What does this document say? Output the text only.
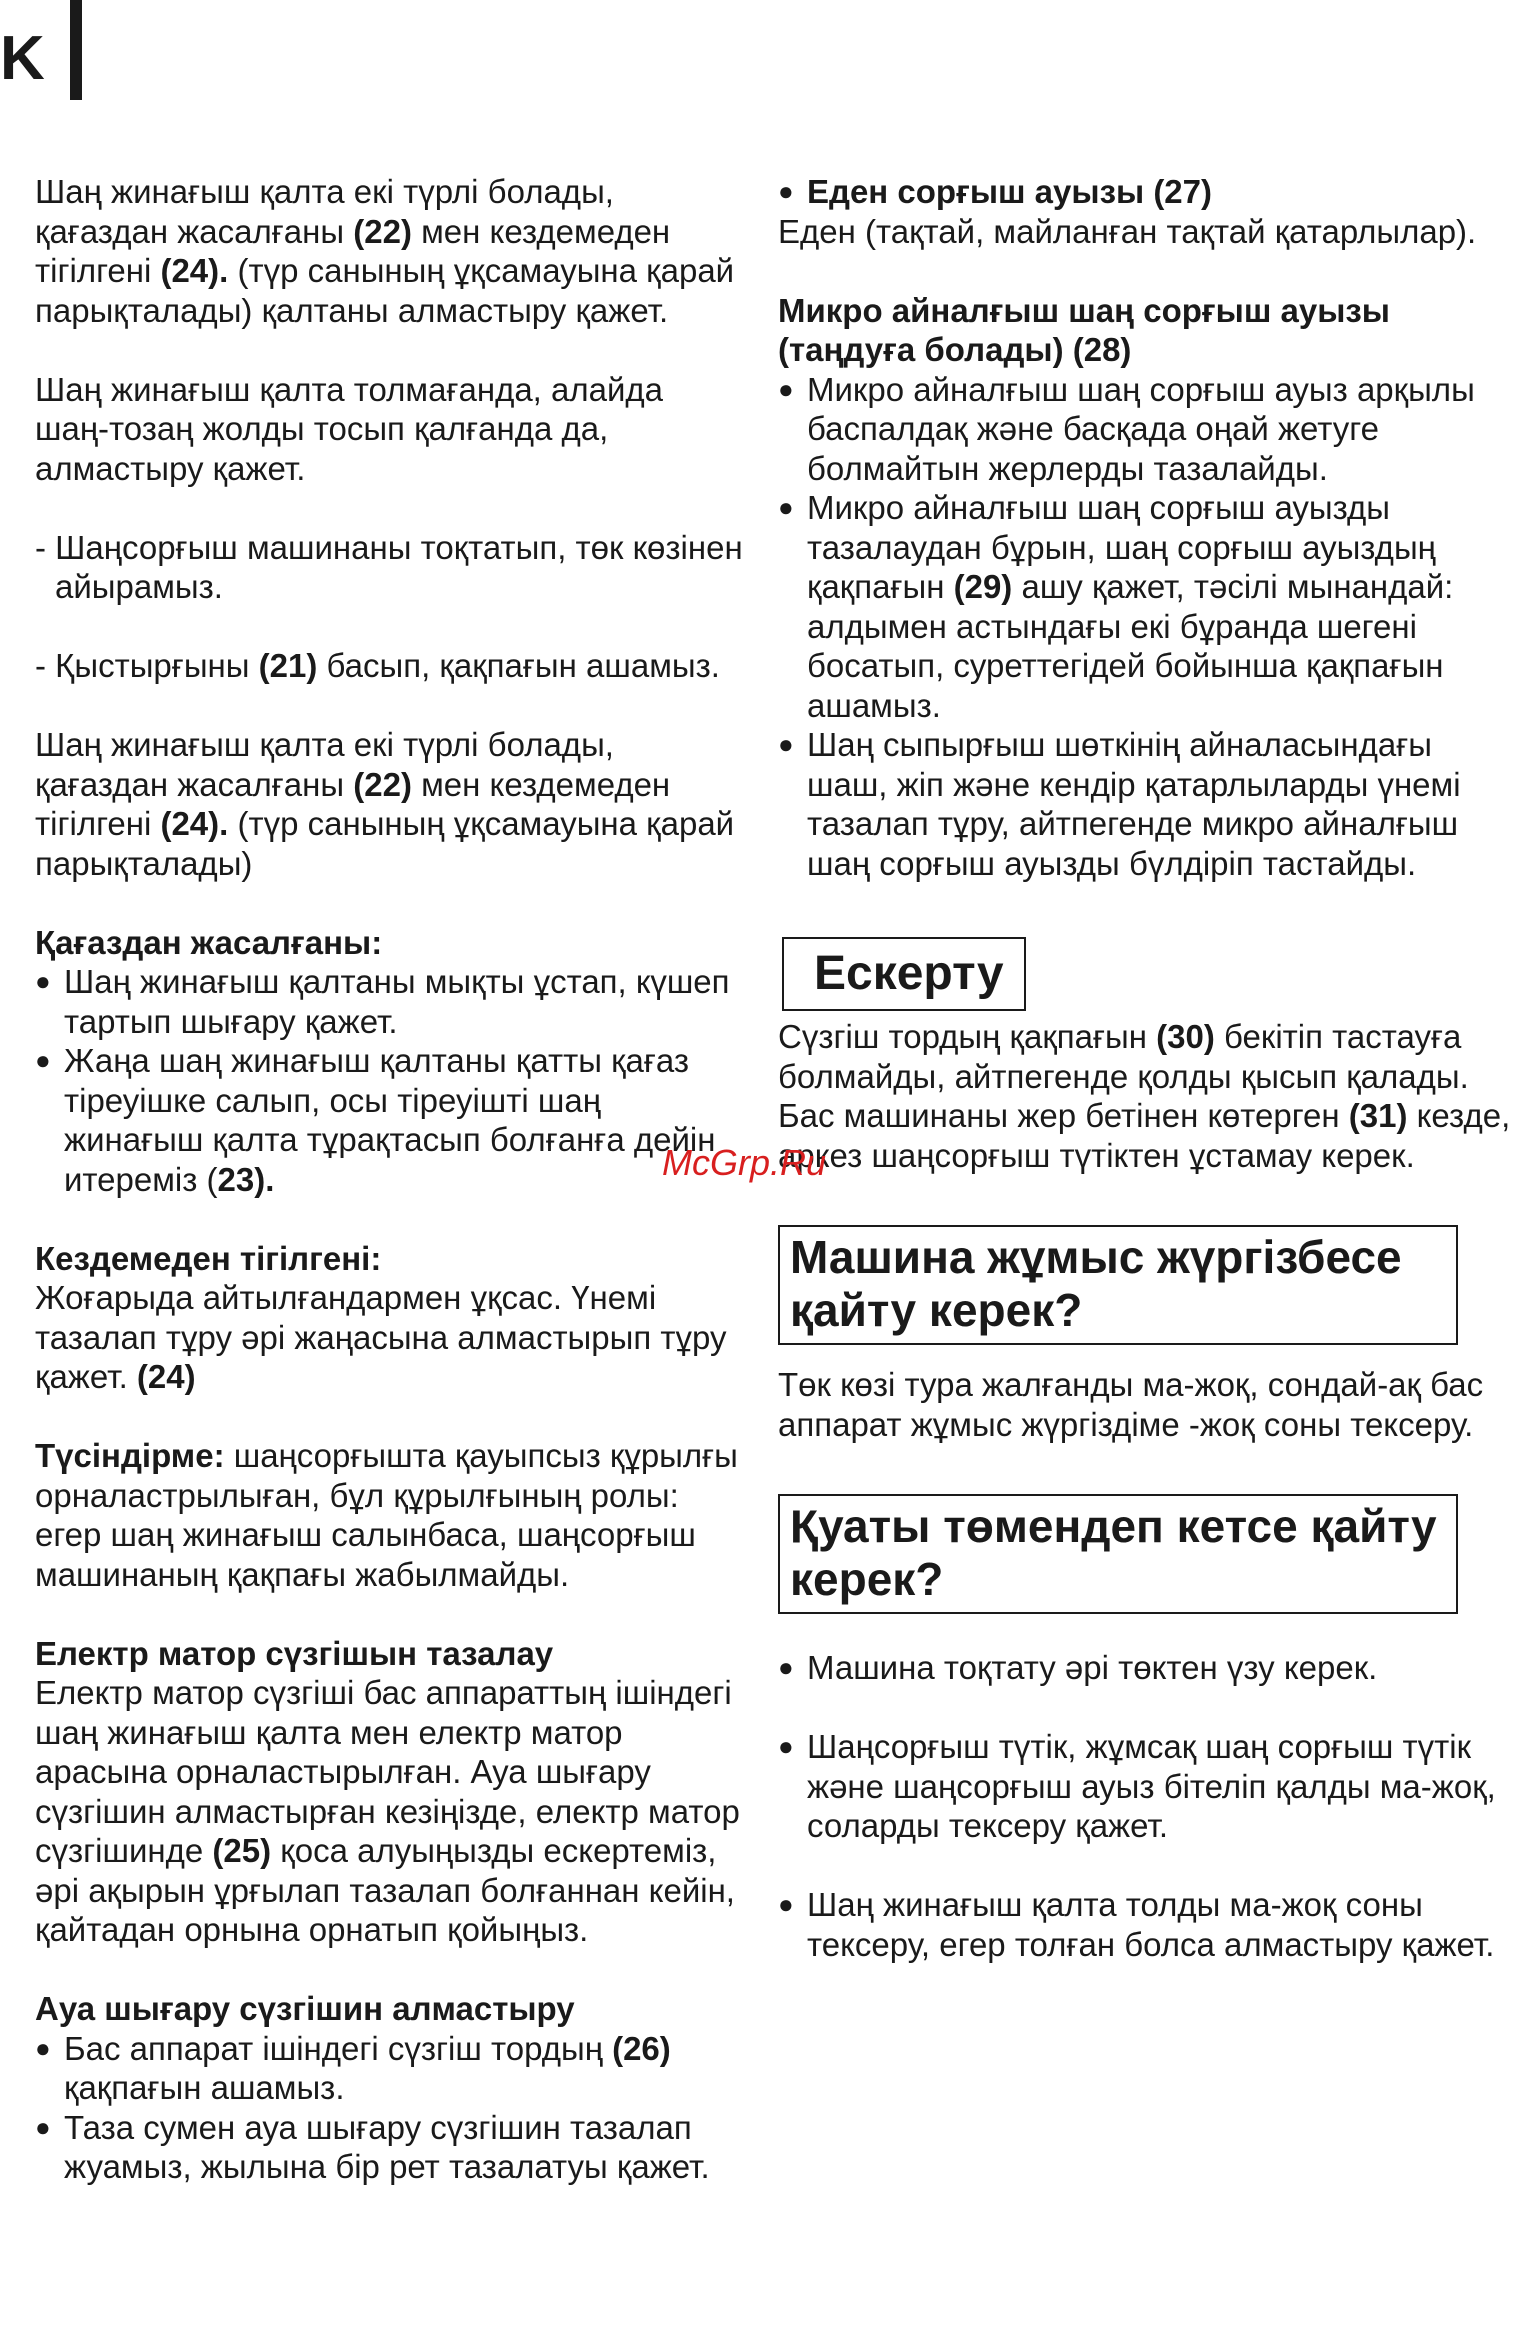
K

Шаң жинағыш қалта екі түрлі болады, қағаздан жасалғаны (22) мен кездемеден тігілгені (24). (түр санының ұқсамауына қарай парықталады) қалтаны алмастыру қажет.

Шаң жинағыш қалта толмағанда, алайда шаң-тозаң жолды тосып қалғанда да, алмастыру қажет.

- Шаңсорғыш машинаны тоқтатып, төк көзінен айырамыз.

- Қыстырғыны (21) басып, қақпағын ашамыз.

Шаң жинағыш қалта екі түрлі болады, қағаздан жасалғаны (22) мен кездемеден тігілгені (24). (түр санының ұқсамауына қарай парықталады)

Қағаздан жасалғаны:

● Шаң жинағыш қалтаны мықты ұстап, күшеп тартып шығару қажет.
● Жаңа шаң жинағыш қалтаны қатты қағаз тіреуішке салып, осы тіреуішті шаң жинағыш қалта тұрақтасып болғанға дейін итереміз (23).

Кездемеден тігілгені:

Жоғарыда айтылғандармен ұқсас. Үнемі тазалап тұру әрі жаңасына алмастырып тұру қажет. (24)

Түсіндірме: шаңсорғышта қауыпсыз құрылғы орналастрылыған, бұл құрылғының ролы: егер шаң жинағыш салынбаса, шаңсорғыш машинаның қақпағы жабылмайды.

Електр матор сүзгішын тазалау

Електр матор сүзгіші бас аппараттың ішіндегі шаң жинағыш қалта мен електр матор арасына орналастырылған. Ауа шығару сүзгішин алмастырған кезіңізде, електр матор сүзгішинде (25) қоса алуыңызды ескертеміз, әрі ақырын ұрғылап тазалап болғаннан кейін, қайтадан орнына орнатып қойыңыз.

Ауа шығару сүзгішин алмастыру

● Бас аппарат ішіндегі сүзгіш тордың (26) қақпағын ашамыз.
● Таза сумен ауа шығару сүзгішин тазалап жуамыз, жылына бір рет тазалатуы қажет.
● Еден сорғыш ауызы (27)

Еден (тақтай, майланған тақтай қатарлылар).

Микро айналғыш шаң сорғыш ауызы (таңдуға болады) (28)

● Микро айналғыш шаң сорғыш ауыз арқылы баспалдақ және басқада оңай жетуге болмайтын жерлерды тазалайды.
● Микро айналғыш шаң сорғыш ауызды тазалаудан бұрын, шаң сорғыш ауыздың қақпағын (29) ашу қажет, тәсілі мынандай: алдымен астындағы екі бұранда шегені босатып, суреттегідей бойынша қақпағын ашамыз.
● Шаң сыпырғыш шөткінің айналасындағы шаш, жіп және кендір қатарлыларды үнемі тазалап тұру, айтпегенде микро айналғыш шаң сорғыш ауызды бүлдіріп тастайды.
Ескерту

Сүзгіш тордың қақпағын (30) бекітіп тастауға болмайды, айтпегенде қолды қысып қалады.
Бас машинаны жер бетінен көтерген (31) кезде, аркез шаңсорғыш түтіктен ұстамау керек.

Машина жұмыс жүргізбесе қайту керек?

Төк көзі тура жалғанды ма-жоқ, сондай-ақ бас аппарат жұмыс жүргіздіме -жоқ соны тексеру.

Қуаты төмендеп кетсе қайту керек?
● Машина тоқтату әрі төктен үзу керек.
● Шаңсорғыш түтік, жұмсақ шаң сорғыш түтік және шаңсорғыш ауыз бітеліп қалды ма-жоқ, соларды тексеру қажет.
● Шаң жинағыш қалта толды ма-жоқ соны тексеру, егер толған болса алмастыру қажет.
McGrp.Ru
